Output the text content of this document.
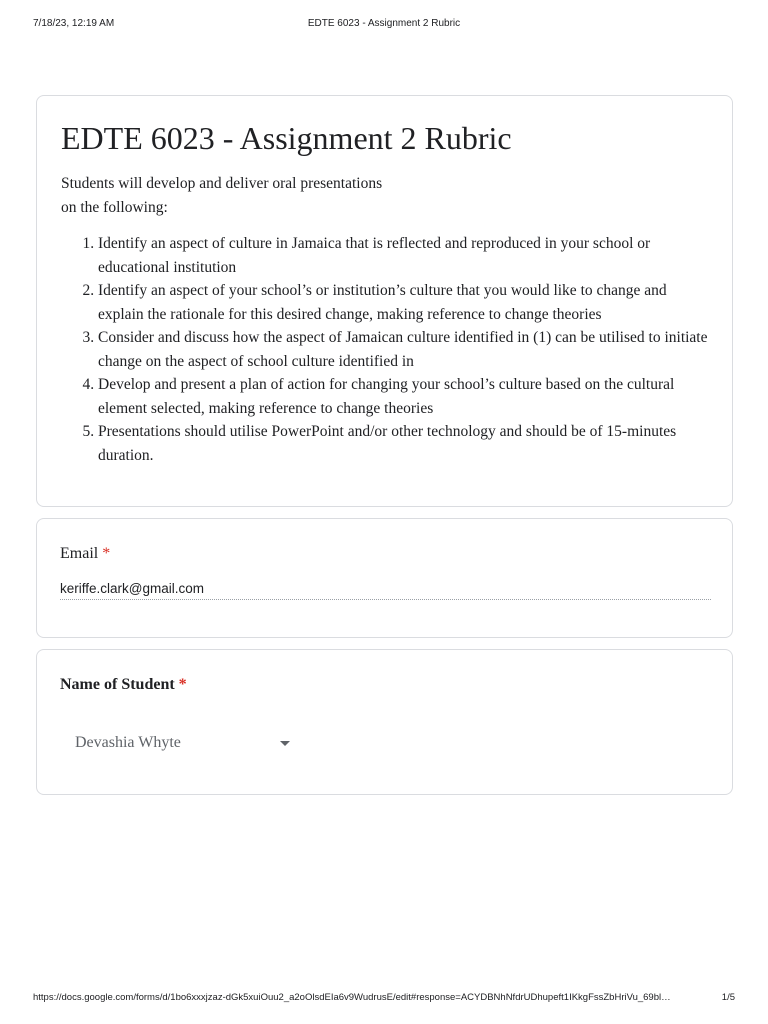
7/18/23, 12:19 AM	EDTE 6023 - Assignment 2 Rubric
EDTE 6023 - Assignment 2 Rubric
Students will develop and deliver oral presentations
on the following:
1. Identify an aspect of culture in Jamaica that is reflected and reproduced in your school or educational institution
2. Identify an aspect of your school’s or institution’s culture that you would like to change and explain the rationale for this desired change, making reference to change theories
3. Consider and discuss how the aspect of Jamaican culture identified in (1) can be utilised to initiate change on the aspect of school culture identified in
4. Develop and present a plan of action for changing your school’s culture based on the cultural element selected, making reference to change theories
5. Presentations should utilise PowerPoint and/or other technology and should be of 15-minutes duration.
Email *
keriffe.clark@gmail.com
Name of Student *
Devashia Whyte
https://docs.google.com/forms/d/1bo6xxxjzaz-dGk5xuiOuu2_a2oOlsdEIa6v9WudrusE/edit#response=ACYDBNhNfdrUDhupeft1IKkgFssZbHriVu_69bl…	1/5
